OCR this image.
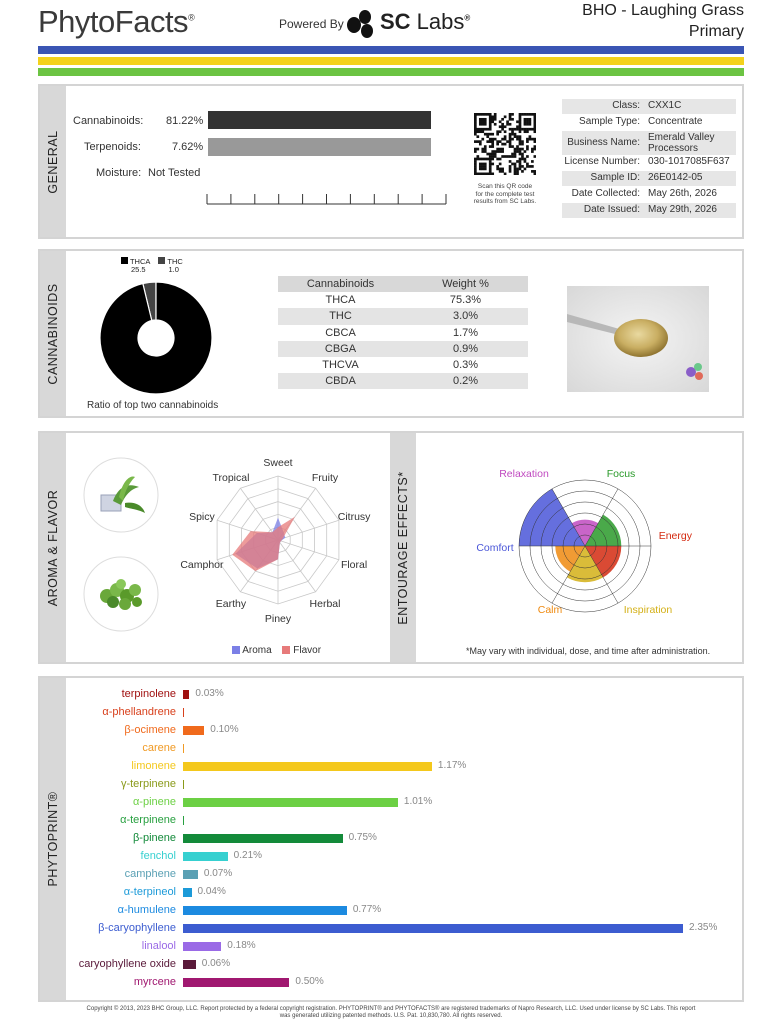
PhytoFacts®	Powered By SC Labs®	BHO - Laughing Grass
Primary
GENERAL
Cannabinoids: 81.22%
Terpenoids:	7.62%
Moisture: Not Tested
Scan this QR code
for the complete test
results from SC Labs.
Class: CXX1C
Sample Type: Concentrate
Business Name: Emerald Valley
Processors
License Number: 030-1017085F637
Sample ID: 26E0142-05
Date Collected: May 26th, 2026
Date Issued: May 29th, 2026
CANNABINOIDS
THCA
25.5  THC
1.0
Ratio of top two cannabinoids
Cannabinoids	Weight %
THCA	75.3%
THC	3.0%
CBCA	1.7%
CBGA	0.9%
THCVA	0.3%
CBDA	0.2%
AROMA & FLAVOR	ENTOURAGE EFFECTS*
Sweet
Fruity
Citrusy
Floral
Herbal
Piney
Earthy
Camphor
Spicy
Tropical
Aroma Flavor
Relaxation	Focus
Energy
Inspiration
Calm
Comfort
*May vary with individual, dose, and time after administration.
PHYTOPRINT®
terpinolene 0.03%
α-phellandrene
β-ocimene	0.10%
carene
limonene	1.17%
γ-terpinene
α-pinene	1.01%
α-terpinene
β-pinene	0.75%
fenchol	0.21%
camphene	0.07%
α-terpineol 0.04%
α-humulene	0.77%
β-caryophyllene	2.35%
linalool	0.18%
caryophyllene oxide	0.06%
myrcene	0.50%
Copyright © 2013, 2023 BHC Group, LLC. Report protected by a federal copyright registration. PHYTOPRINT® and PHYTOFACTS® are registered trademarks of Napro Research, LLC. Used under license by SC Labs. This report
was generated utilizing patented methods. U.S. Pat. 10,830,780. All rights reserved.
